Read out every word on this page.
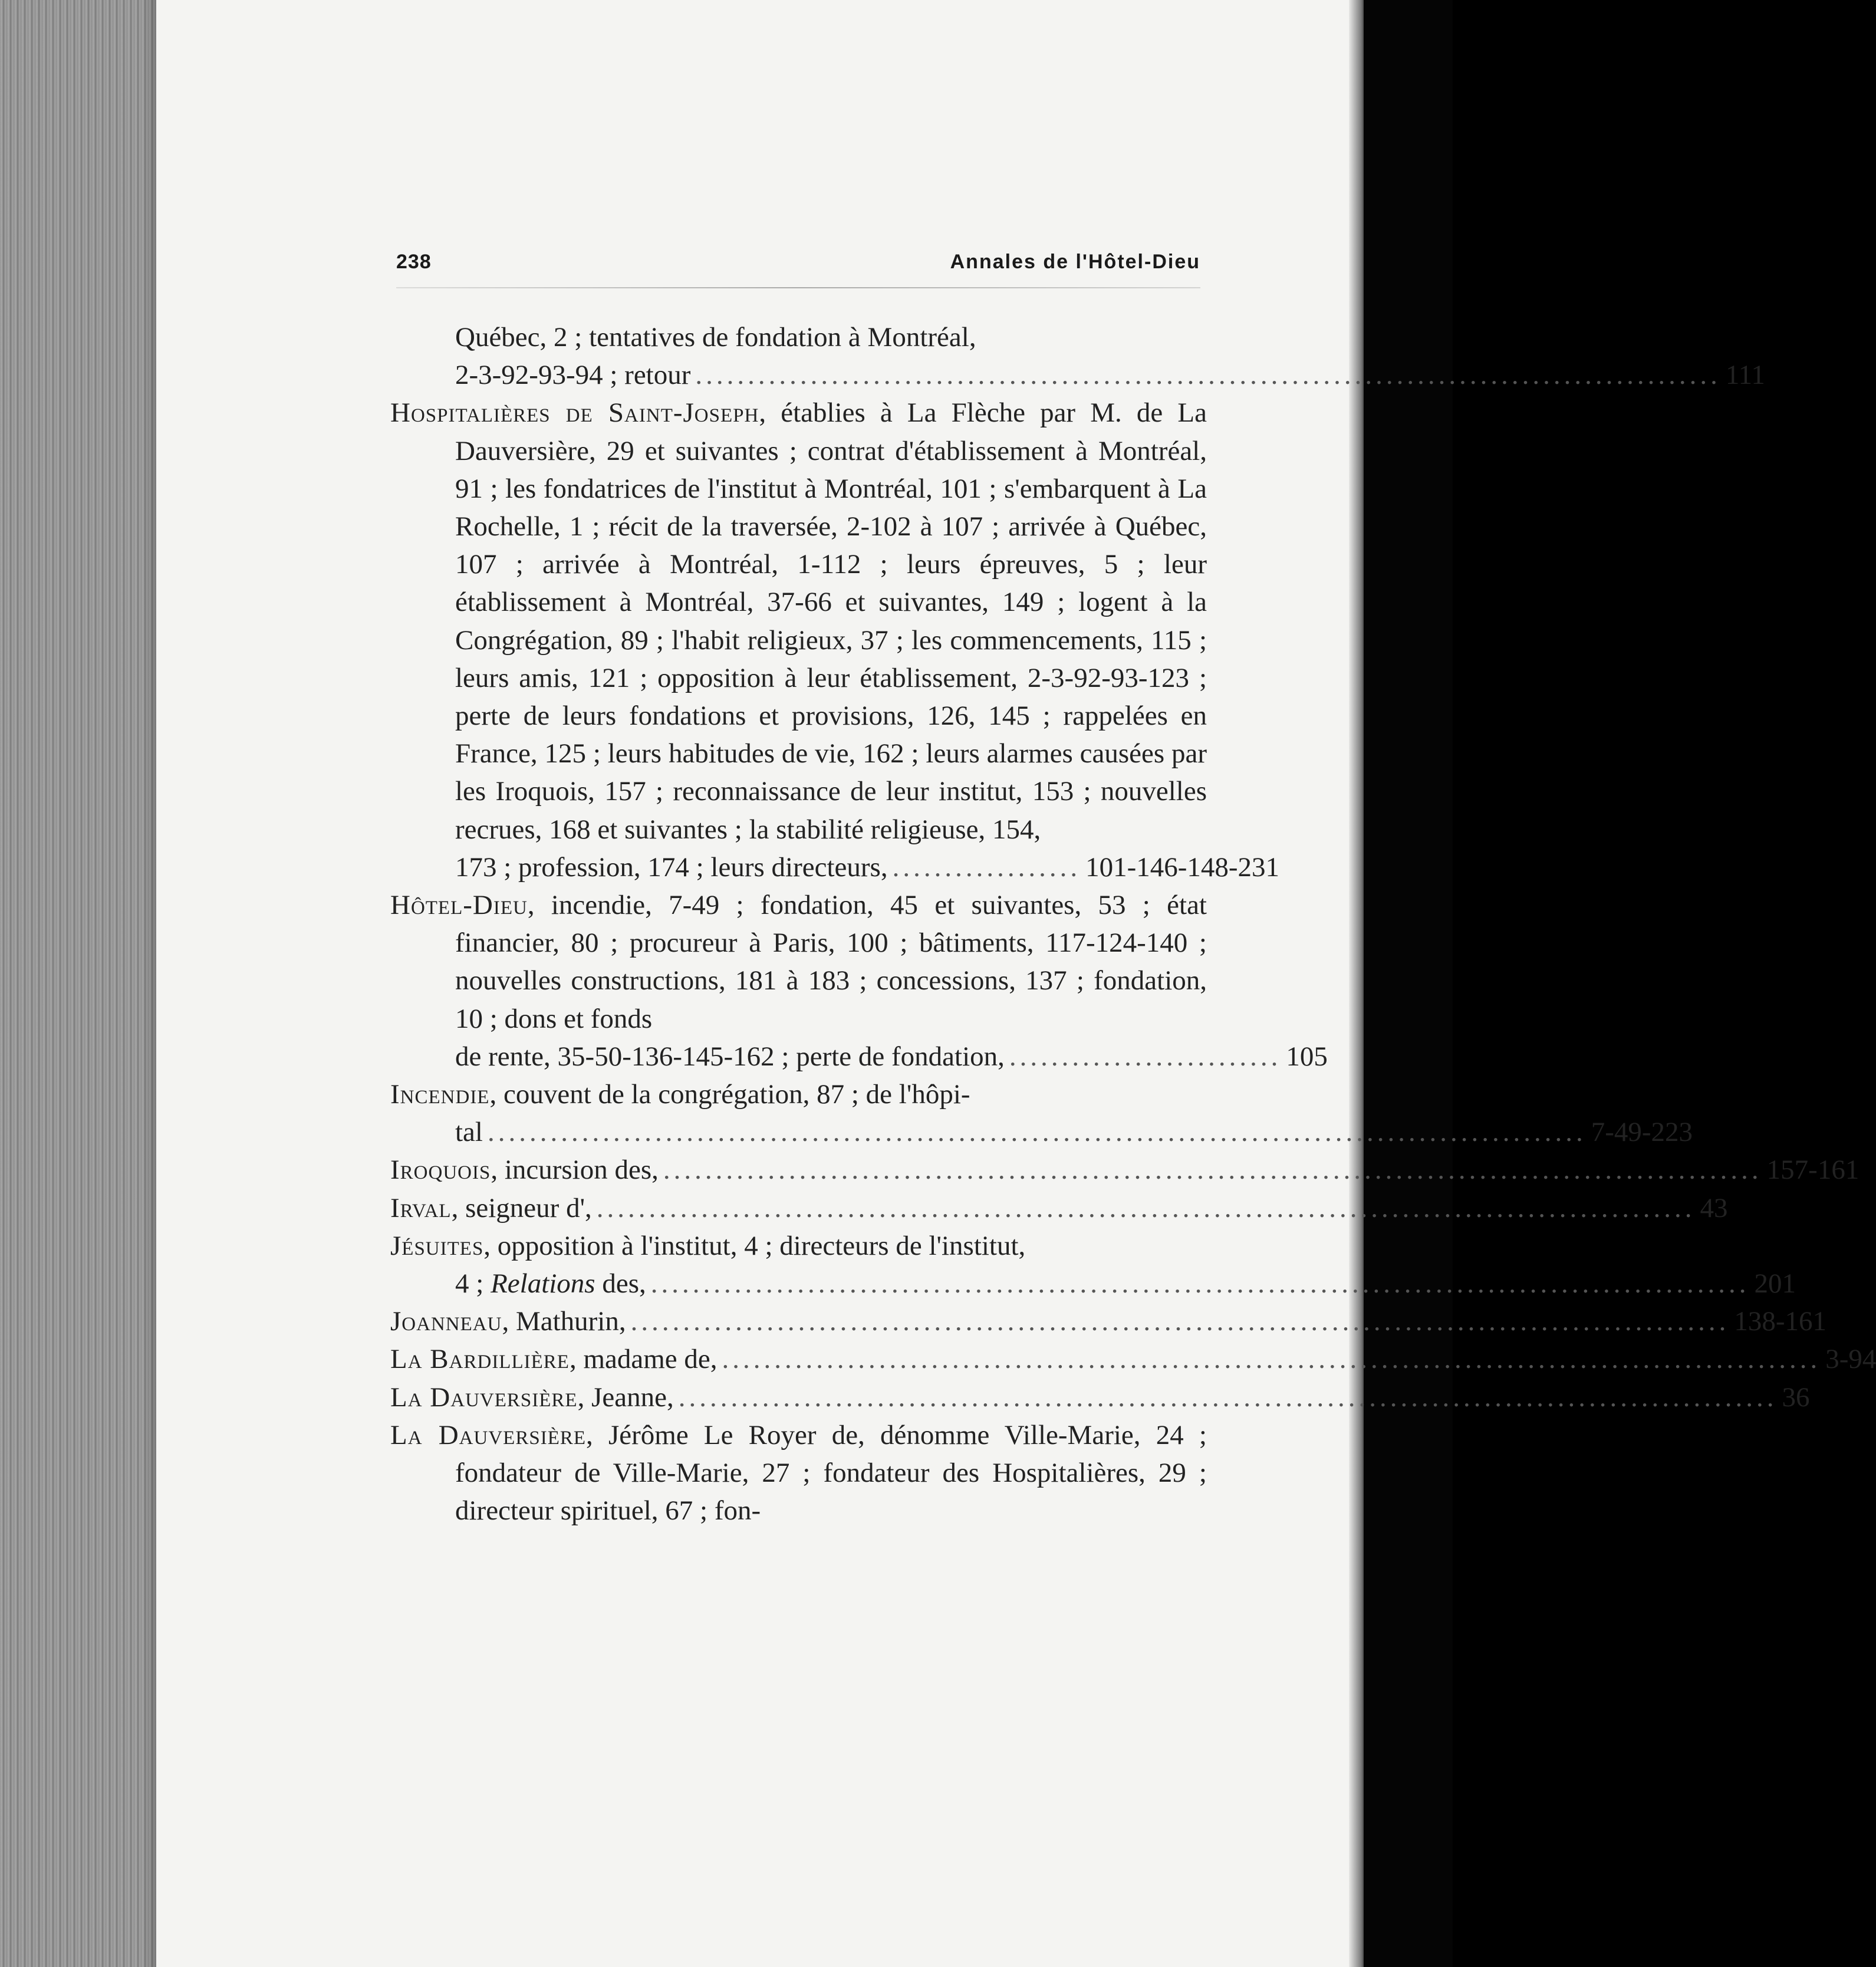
238	Annales de l'Hôtel-Dieu
Québec, 2 ; tentatives de fondation à Montréal,
2-3-92-93-94 ; retour .................................................................................................. 111
Hospitalières de Saint-Joseph, établies à La Flèche par M. de La Dauversière, 29 et suivantes ; contrat d'établissement à Montréal, 91 ; les fondatrices de l'institut à Montréal, 101 ; s'embarquent à La Rochelle, 1 ; récit de la traversée, 2-102 à 107 ; arrivée à Québec, 107 ; arrivée à Montréal, 1-112 ; leurs épreuves, 5 ; leur établissement à Montréal, 37-66 et suivantes, 149 ; logent à la Congrégation, 89 ; l'habit religieux, 37 ; les commencements, 115 ; leurs amis, 121 ; opposition à leur établissement, 2-3-92-93-123 ; perte de leurs fondations et provisions, 126, 145 ; rappelées en France, 125 ; leurs habitudes de vie, 162 ; leurs alarmes causées par les Iroquois, 157 ; reconnaissance de leur institut, 153 ; nouvelles recrues, 168 et suivantes ; la stabilité religieuse, 154,
173 ; profession, 174 ; leurs directeurs, .................. 101-146-148-231
Hôtel-Dieu, incendie, 7-49 ; fondation, 45 et suivantes, 53 ; état financier, 80 ; procureur à Paris, 100 ; bâtiments, 117-124-140 ; nouvelles constructions, 181 à 183 ; concessions, 137 ; fondation, 10 ; dons et fonds
de rente, 35-50-136-145-162 ; perte de fondation, .......................... 105
Incendie, couvent de la congrégation, 87 ; de l'hôpi-
tal ......................................................................................................... 7-49-223
Iroquois, incursion des, ......................................................................................................... 157-161
Irval, seigneur d', ......................................................................................................... 43
Jésuites, opposition à l'institut, 4 ; directeurs de l'institut,
4 ; Relations des, ......................................................................................................... 201
Joanneau, Mathurin, ......................................................................................................... 138-161
La Bardillière, madame de, ......................................................................................................... 3-94
La Dauversière, Jeanne, ......................................................................................................... 36
La Dauversière, Jérôme Le Royer de, dénomme Ville-Marie, 24 ; fondateur de Ville-Marie, 27 ; fondateur des Hospitalières, 29 ; directeur spirituel, 67 ; fon-
